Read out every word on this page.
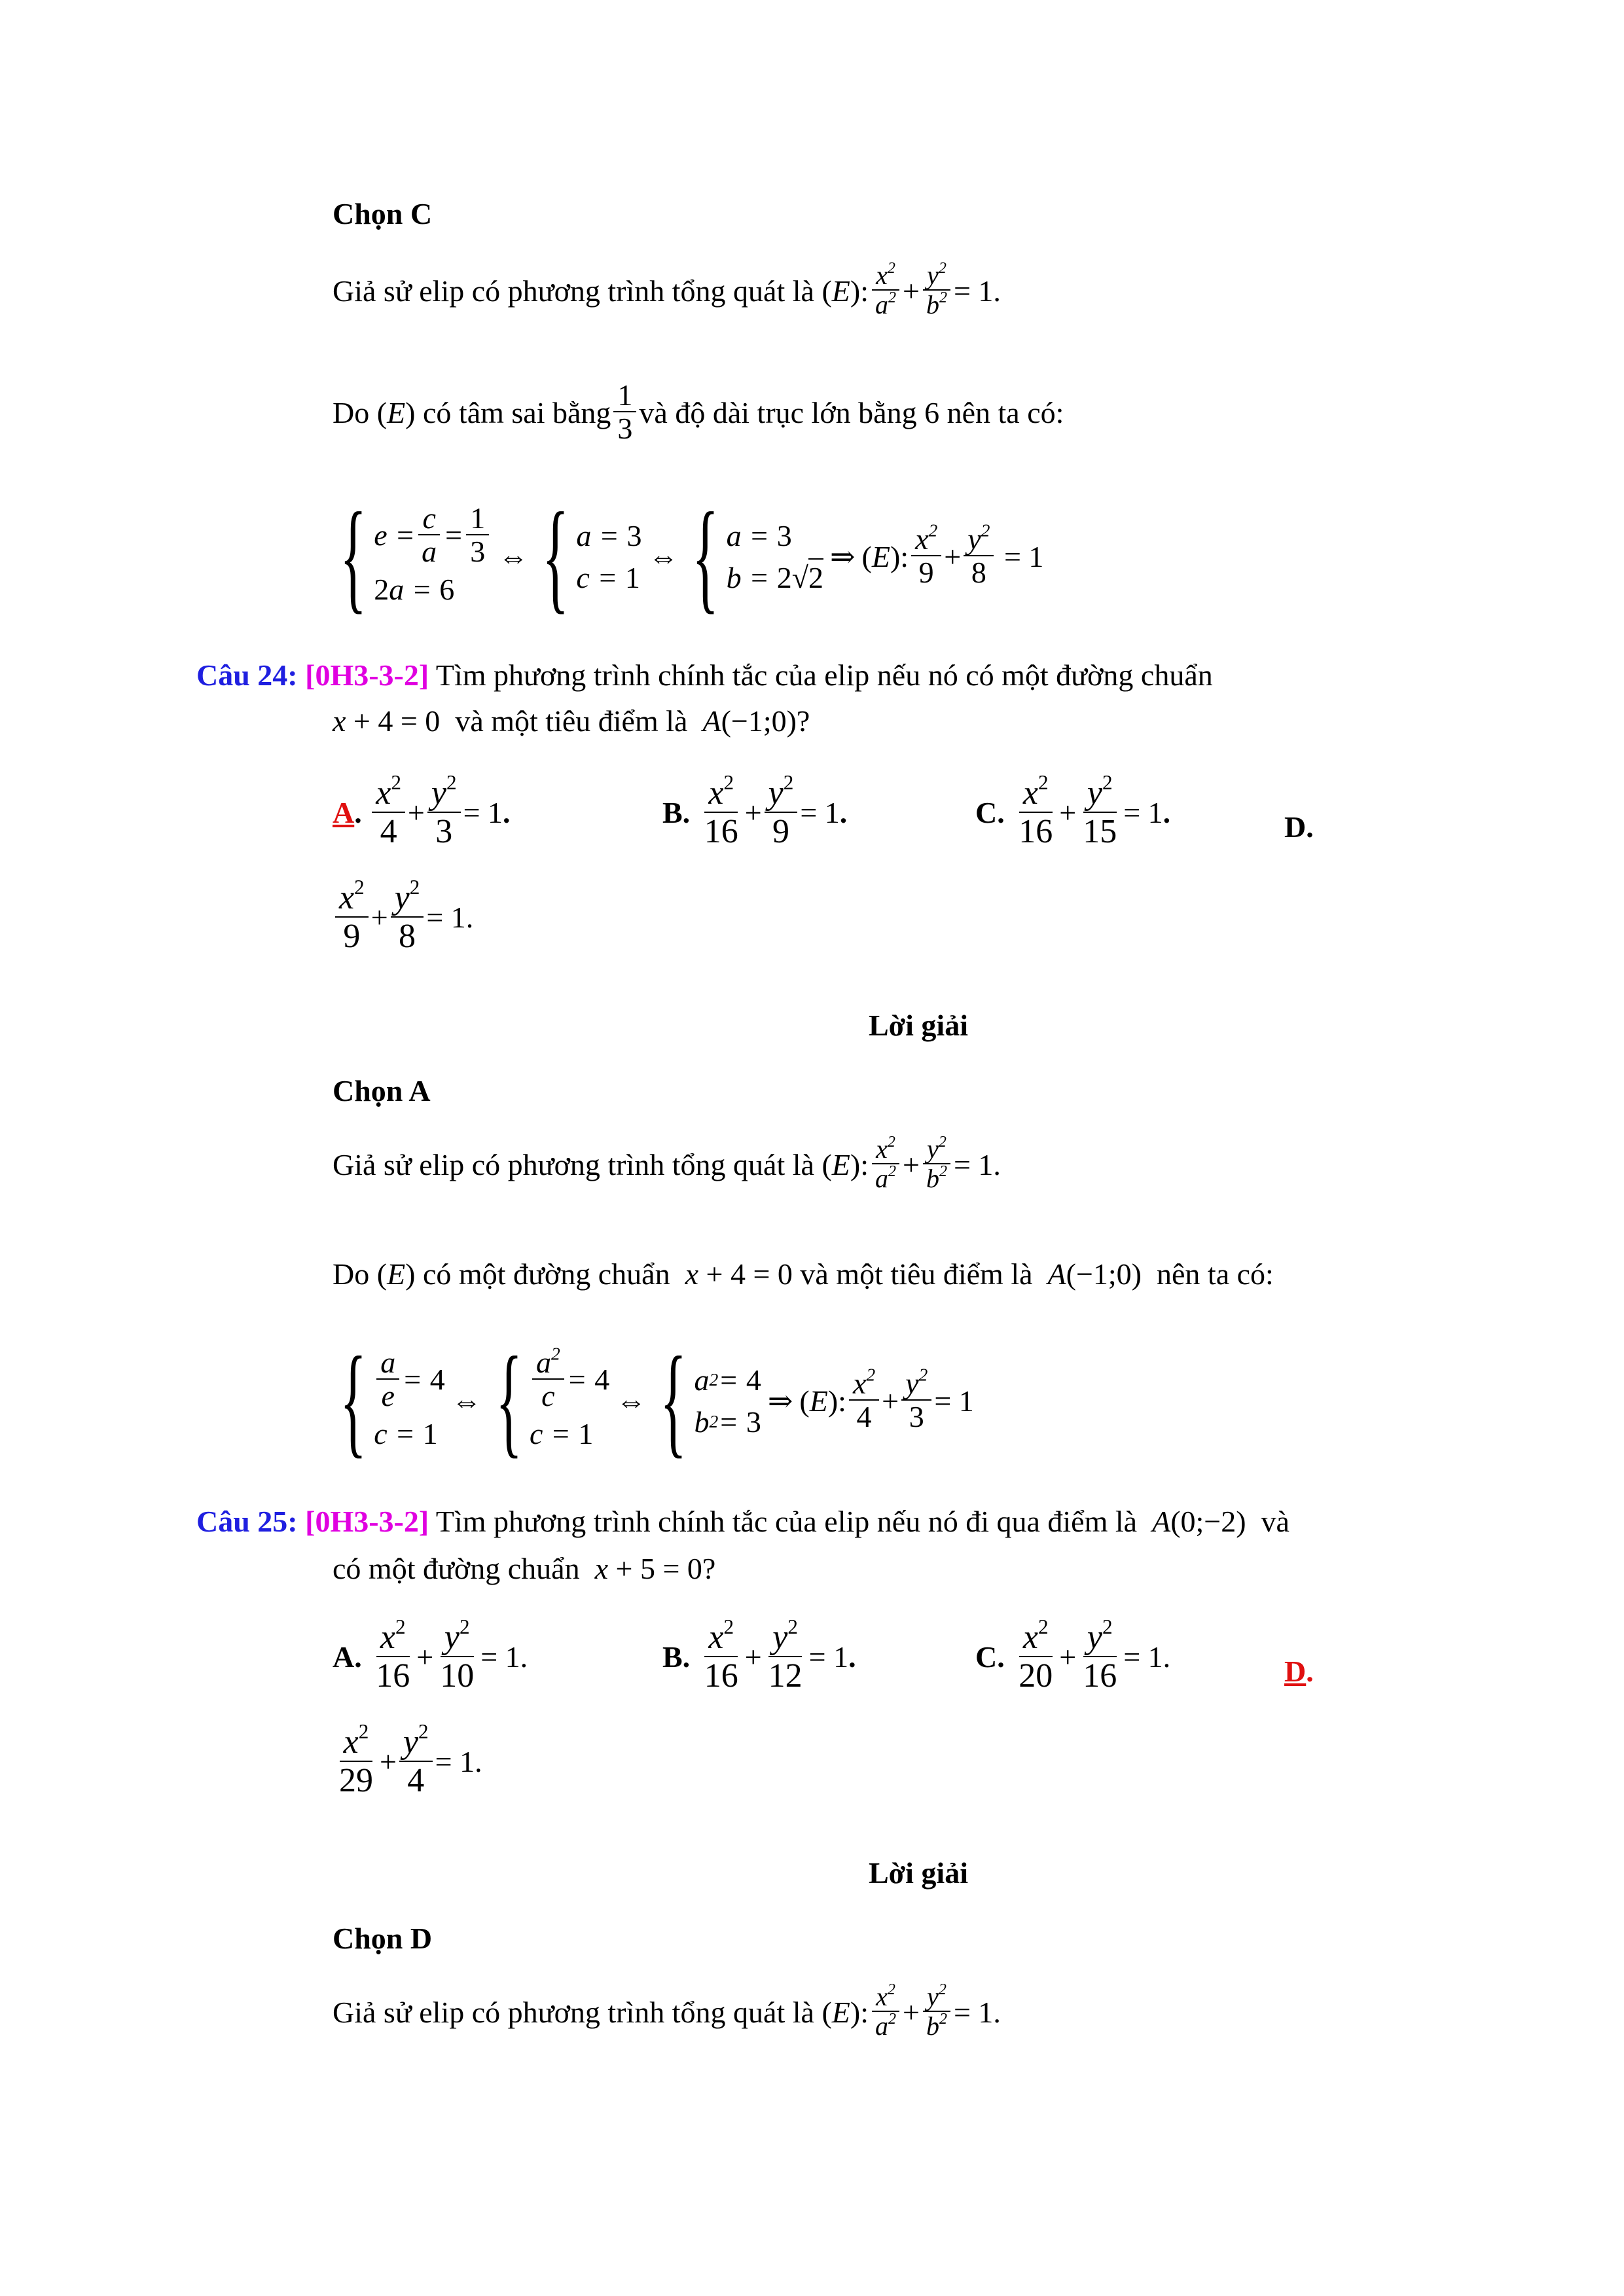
Chọn C
Giả sử elip có phương trình tổng quát là
(E): $\frac{x^2}{a^2} + \frac{y^2}{b^2} = 1$.
Do ( E ) có tâm sai bằng $\frac{1}{3}$ và độ dài trục lớn bằng 6 nên ta có:
{ $e = \frac{c}{a} = \frac{1}{3}$
2 a = 6
⇔ { a = 3
c = 1
⇔ { a = 3
b = 2√2
⇒ (E): $\frac{x^2}{9} + \frac{y^2}{8} = 1$
Câu 24: [0H3-3-2] Tìm phương trình chính tắc của elip nếu nó có một đường chuẩn
x + 4 = 0  và một tiêu điểm là A(−1;0)?
A .
$\frac{x^2}{4} + \frac{y^2}{3} = 1$ .	B.
$\frac{x^2}{16} + \frac{y^2}{9} = 1$ .	C.
$\frac{x^2}{16} + \frac{y^2}{15} = 1$ .	D.
$\frac{x^2}{9} + \frac{y^2}{8} = 1$.
Lời giải
Chọn A
Giả sử elip có phương trình tổng quát là
(E): $\frac{x^2}{a^2} + \frac{y^2}{b^2} = 1$.
Do (E) có một đường chuẩn x + 4 = 0 và một tiêu điểm là A(−1;0)  nên ta có:
{ $\frac{a}{e} = 4$
c = 1
⇔ { $\frac{a^2}{c} = 4$
c = 1
⇔ { a 2 = 4
b 2 = 3
⇒ (E): $\frac{x^2}{4} + \frac{y^2}{3} = 1$
Câu 25: [0H3-3-2] Tìm phương trình chính tắc của elip nếu nó đi qua điểm là A(0;−2)  và
có một đường chuẩn x + 5 = 0?
A.
$\frac{x^2}{16} + \frac{y^2}{10} = 1$.	B.
$\frac{x^2}{16} + \frac{y^2}{12} = 1$ .	C.
$\frac{x^2}{20} + \frac{y^2}{16} = 1$.	D.
$\frac{x^2}{29} + \frac{y^2}{4} = 1$.
Lời giải
Chọn D
Giả sử elip có phương trình tổng quát là
(E): $\frac{x^2}{a^2} + \frac{y^2}{b^2} = 1$.
